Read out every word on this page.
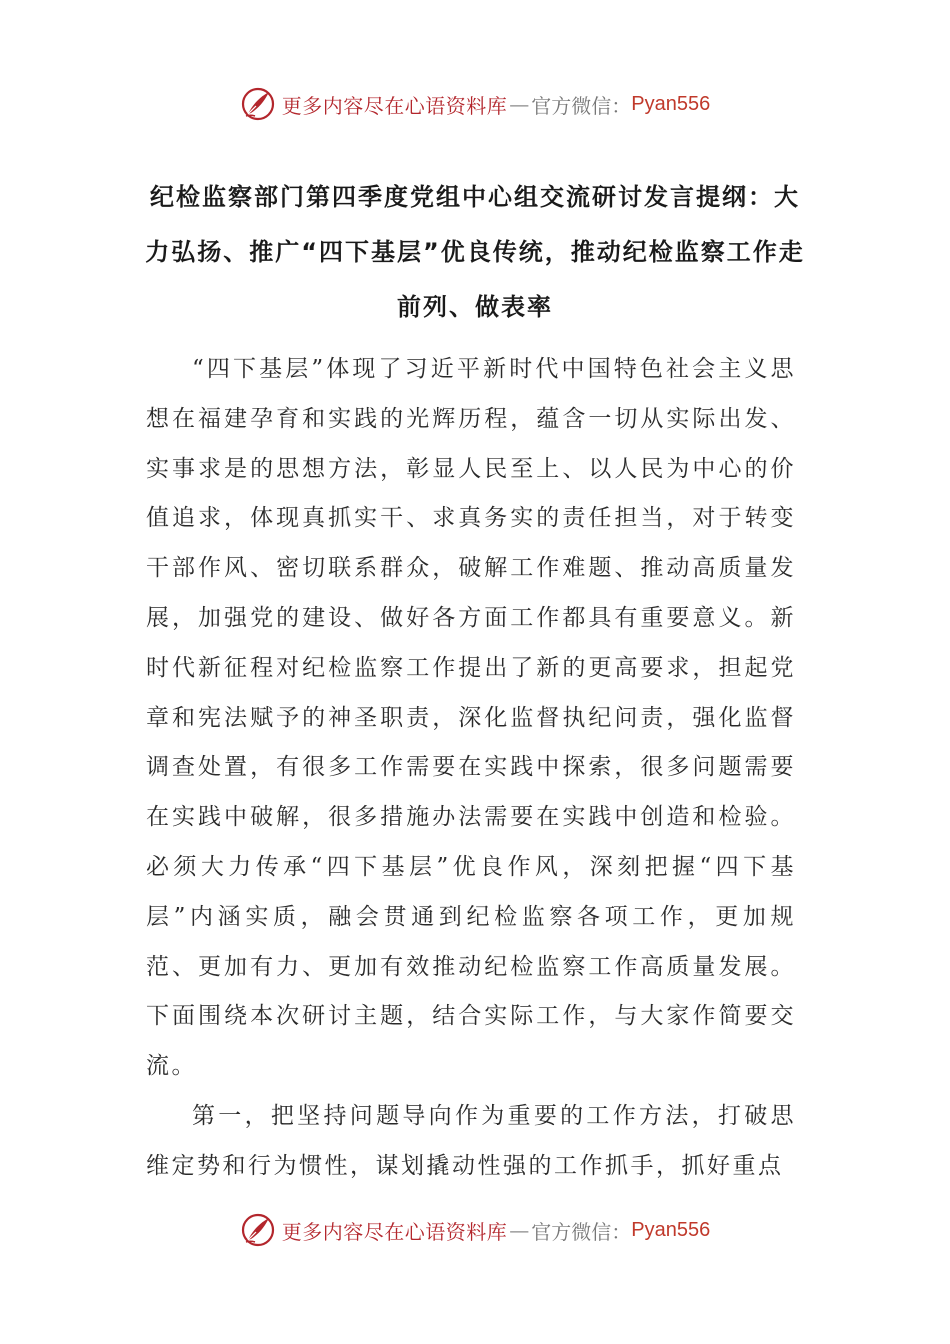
更多内容尽在心语资料库 — 官方微信： Pyan556
纪检监察部门第四季度党组中心组交流研讨发言提纲：大力弘扬、推广“四下基层”优良传统，推动纪检监察工作走前列、做表率

“四下基层”体现了习近平新时代中国特色社会主义思想在福建孕育和实践的光辉历程，蕴含一切从实际出发、实事求是的思想方法，彰显人民至上、以人民为中心的价值追求，体现真抓实干、求真务实的责任担当，对于转变干部作风、密切联系群众，破解工作难题、推动高质量发展，加强党的建设、做好各方面工作都具有重要意义。新时代新征程对纪检监察工作提出了新的更高要求，担起党章和宪法赋予的神圣职责，深化监督执纪问责，强化监督调查处置，有很多工作需要在实践中探索，很多问题需要在实践中破解，很多措施办法需要在实践中创造和检验。必须大力传承“四下基层”优良作风，深刻把握“四下基层”内涵实质，融会贯通到纪检监察各项工作，更加规范、更加有力、更加有效推动纪检监察工作高质量发展。下面围绕本次研讨主题，结合实际工作，与大家作简要交流。

第一，把坚持问题导向作为重要的工作方法，打破思维定势和行为惯性，谋划撬动性强的工作抓手，抓好重点

更多内容尽在心语资料库 — 官方微信： Pyan556
